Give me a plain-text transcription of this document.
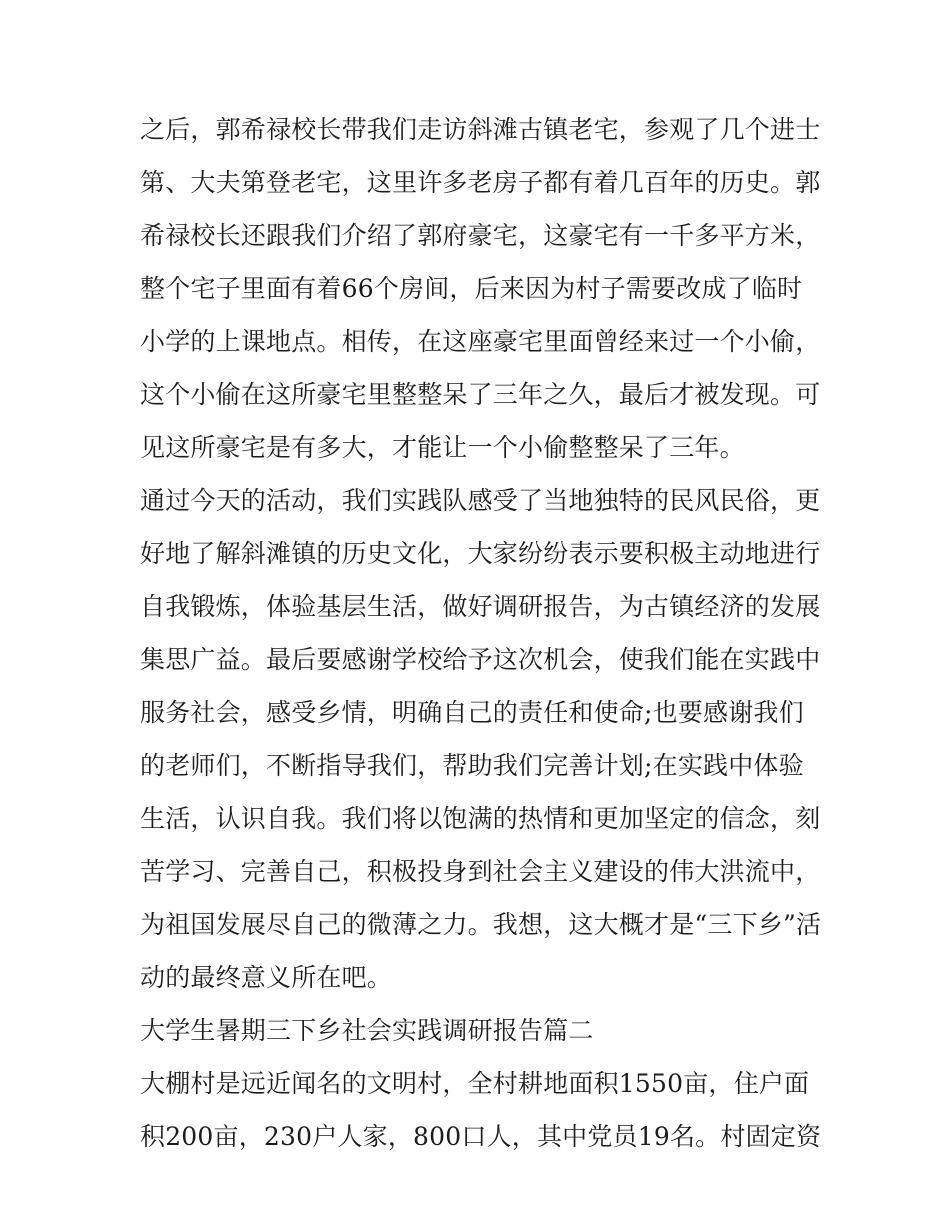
之后，郭希禄校长带我们走访斜滩古镇老宅，参观了几个进士
第、大夫第登老宅，这里许多老房子都有着几百年的历史。郭
希禄校长还跟我们介绍了郭府豪宅，这豪宅有一千多平方米，
整个宅子里面有着66个房间，后来因为村子需要改成了临时
小学的上课地点。相传，在这座豪宅里面曾经来过一个小偷，
这个小偷在这所豪宅里整整呆了三年之久，最后才被发现。可
见这所豪宅是有多大，才能让一个小偷整整呆了三年。
通过今天的活动，我们实践队感受了当地独特的民风民俗，更
好地了解斜滩镇的历史文化，大家纷纷表示要积极主动地进行
自我锻炼，体验基层生活，做好调研报告，为古镇经济的发展
集思广益。最后要感谢学校给予这次机会，使我们能在实践中
服务社会，感受乡情，明确自己的责任和使命;也要感谢我们
的老师们，不断指导我们，帮助我们完善计划;在实践中体验
生活，认识自我。我们将以饱满的热情和更加坚定的信念，刻
苦学习、完善自己，积极投身到社会主义建设的伟大洪流中，
为祖国发展尽自己的微薄之力。我想，这大概才是“三下乡”活
动的最终意义所在吧。
大学生暑期三下乡社会实践调研报告篇二
大棚村是远近闻名的文明村，全村耕地面积1550亩，住户面
积200亩，230户人家，800口人，其中党员19名。村固定资
